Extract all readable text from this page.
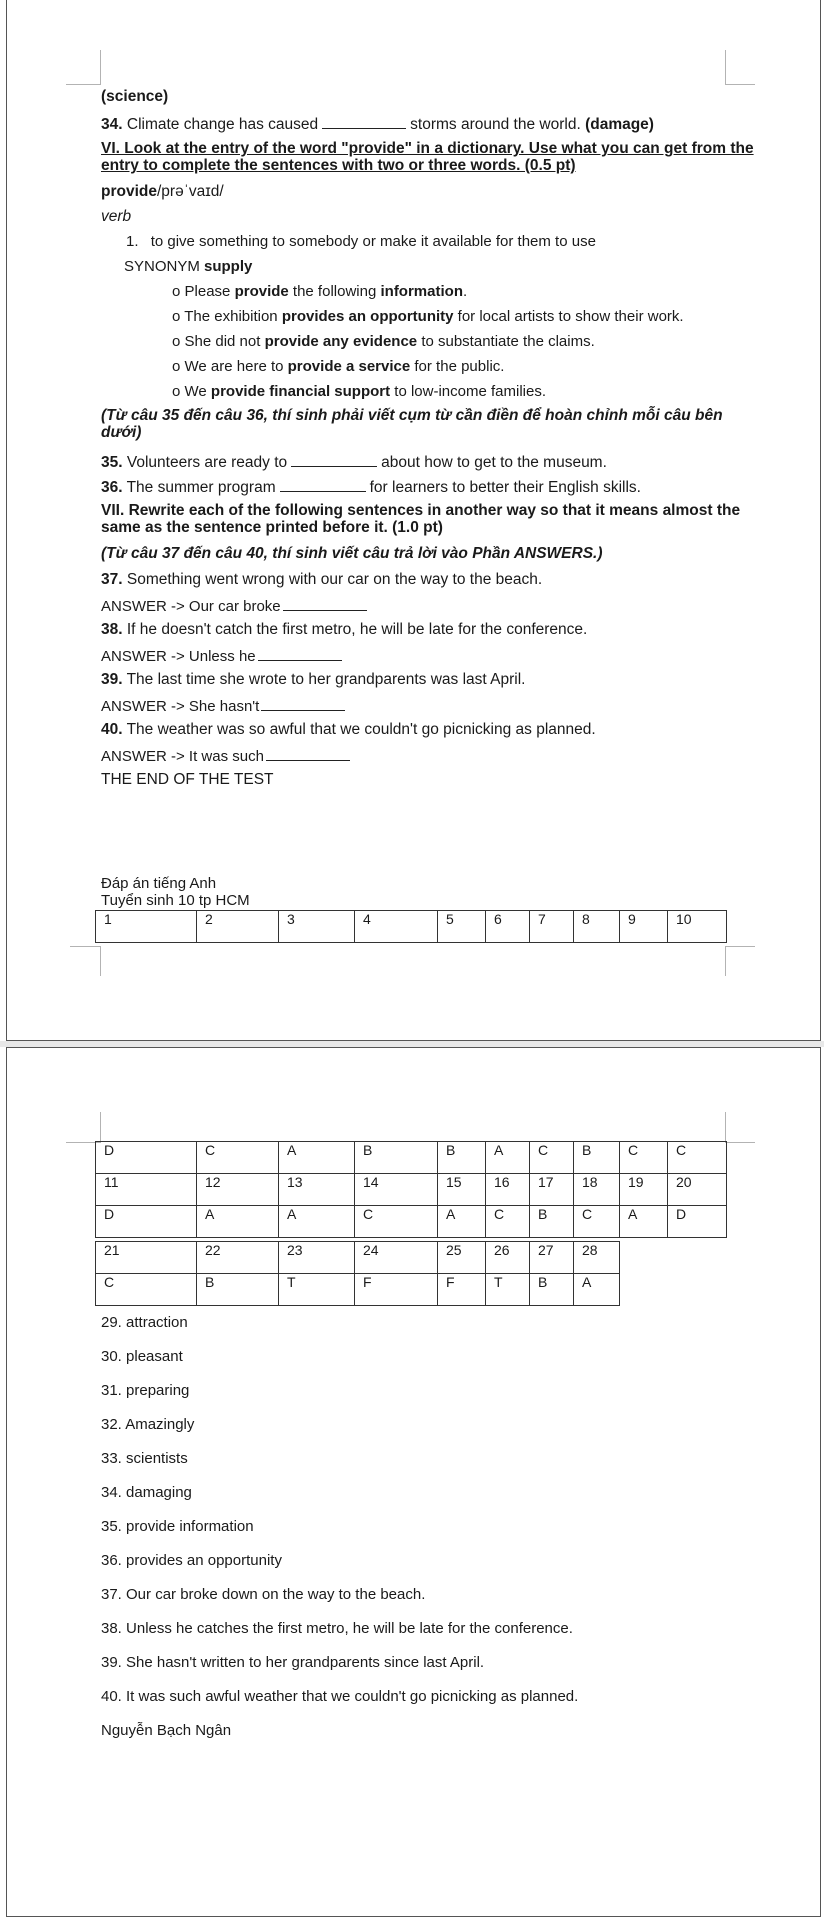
(science)
34. Climate change has caused	storms around the world. (damage)
VI. Look at the entry of the word "provide" in a dictionary. Use what you can get from the
entry to complete the sentences with two or three words. (0.5 pt)
provide/prəˈvaɪd/
verb
1. to give something to somebody or make it available for them to use
SYNONYM supply
o Please provide the following information.
o The exhibition provides an opportunity for local artists to show their work.
o She did not provide any evidence to substantiate the claims.
o We are here to provide a service for the public.
o We provide financial support to low-income families.
(Từ câu 35 đến câu 36, thí sinh phải viết cụm từ cần điền để hoàn chỉnh mỗi câu bên
dưới)
35. Volunteers are ready to	about how to get to the museum.
36. The summer program	for learners to better their English skills.
VII. Rewrite each of the following sentences in another way so that it means almost the
same as the sentence printed before it. (1.0 pt)
(Từ câu 37 đến câu 40, thí sinh viết câu trả lời vào Phần ANSWERS.)
37. Something went wrong with our car on the way to the beach.
ANSWER -> Our car broke
38. If he doesn't catch the first metro, he will be late for the conference.
ANSWER -> Unless he
39. The last time she wrote to her grandparents was last April.
ANSWER -> She hasn't
40. The weather was so awful that we couldn't go picnicking as planned.
ANSWER -> It was such
THE END OF THE TEST
Đáp án tiếng Anh
Tuyển sinh 10 tp HCM
1	2	3	4	5	6	7	8	9	10
D	C	A	B	B	A	C	B	C	C
11	12	13	14	15	16	17	18	19	20
D	A	A	C	A	C	B	C	A	D
21	22	23	24	25	26	27	28
C	B	T	F	F	T	B	A
29. attraction
30. pleasant
31. preparing
32. Amazingly
33. scientists
34. damaging
35. provide information
36. provides an opportunity
37. Our car broke down on the way to the beach.
38. Unless he catches the first metro, he will be late for the conference.
39. She hasn't written to her grandparents since last April.
40. It was such awful weather that we couldn't go picnicking as planned.
Nguyễn Bạch Ngân
